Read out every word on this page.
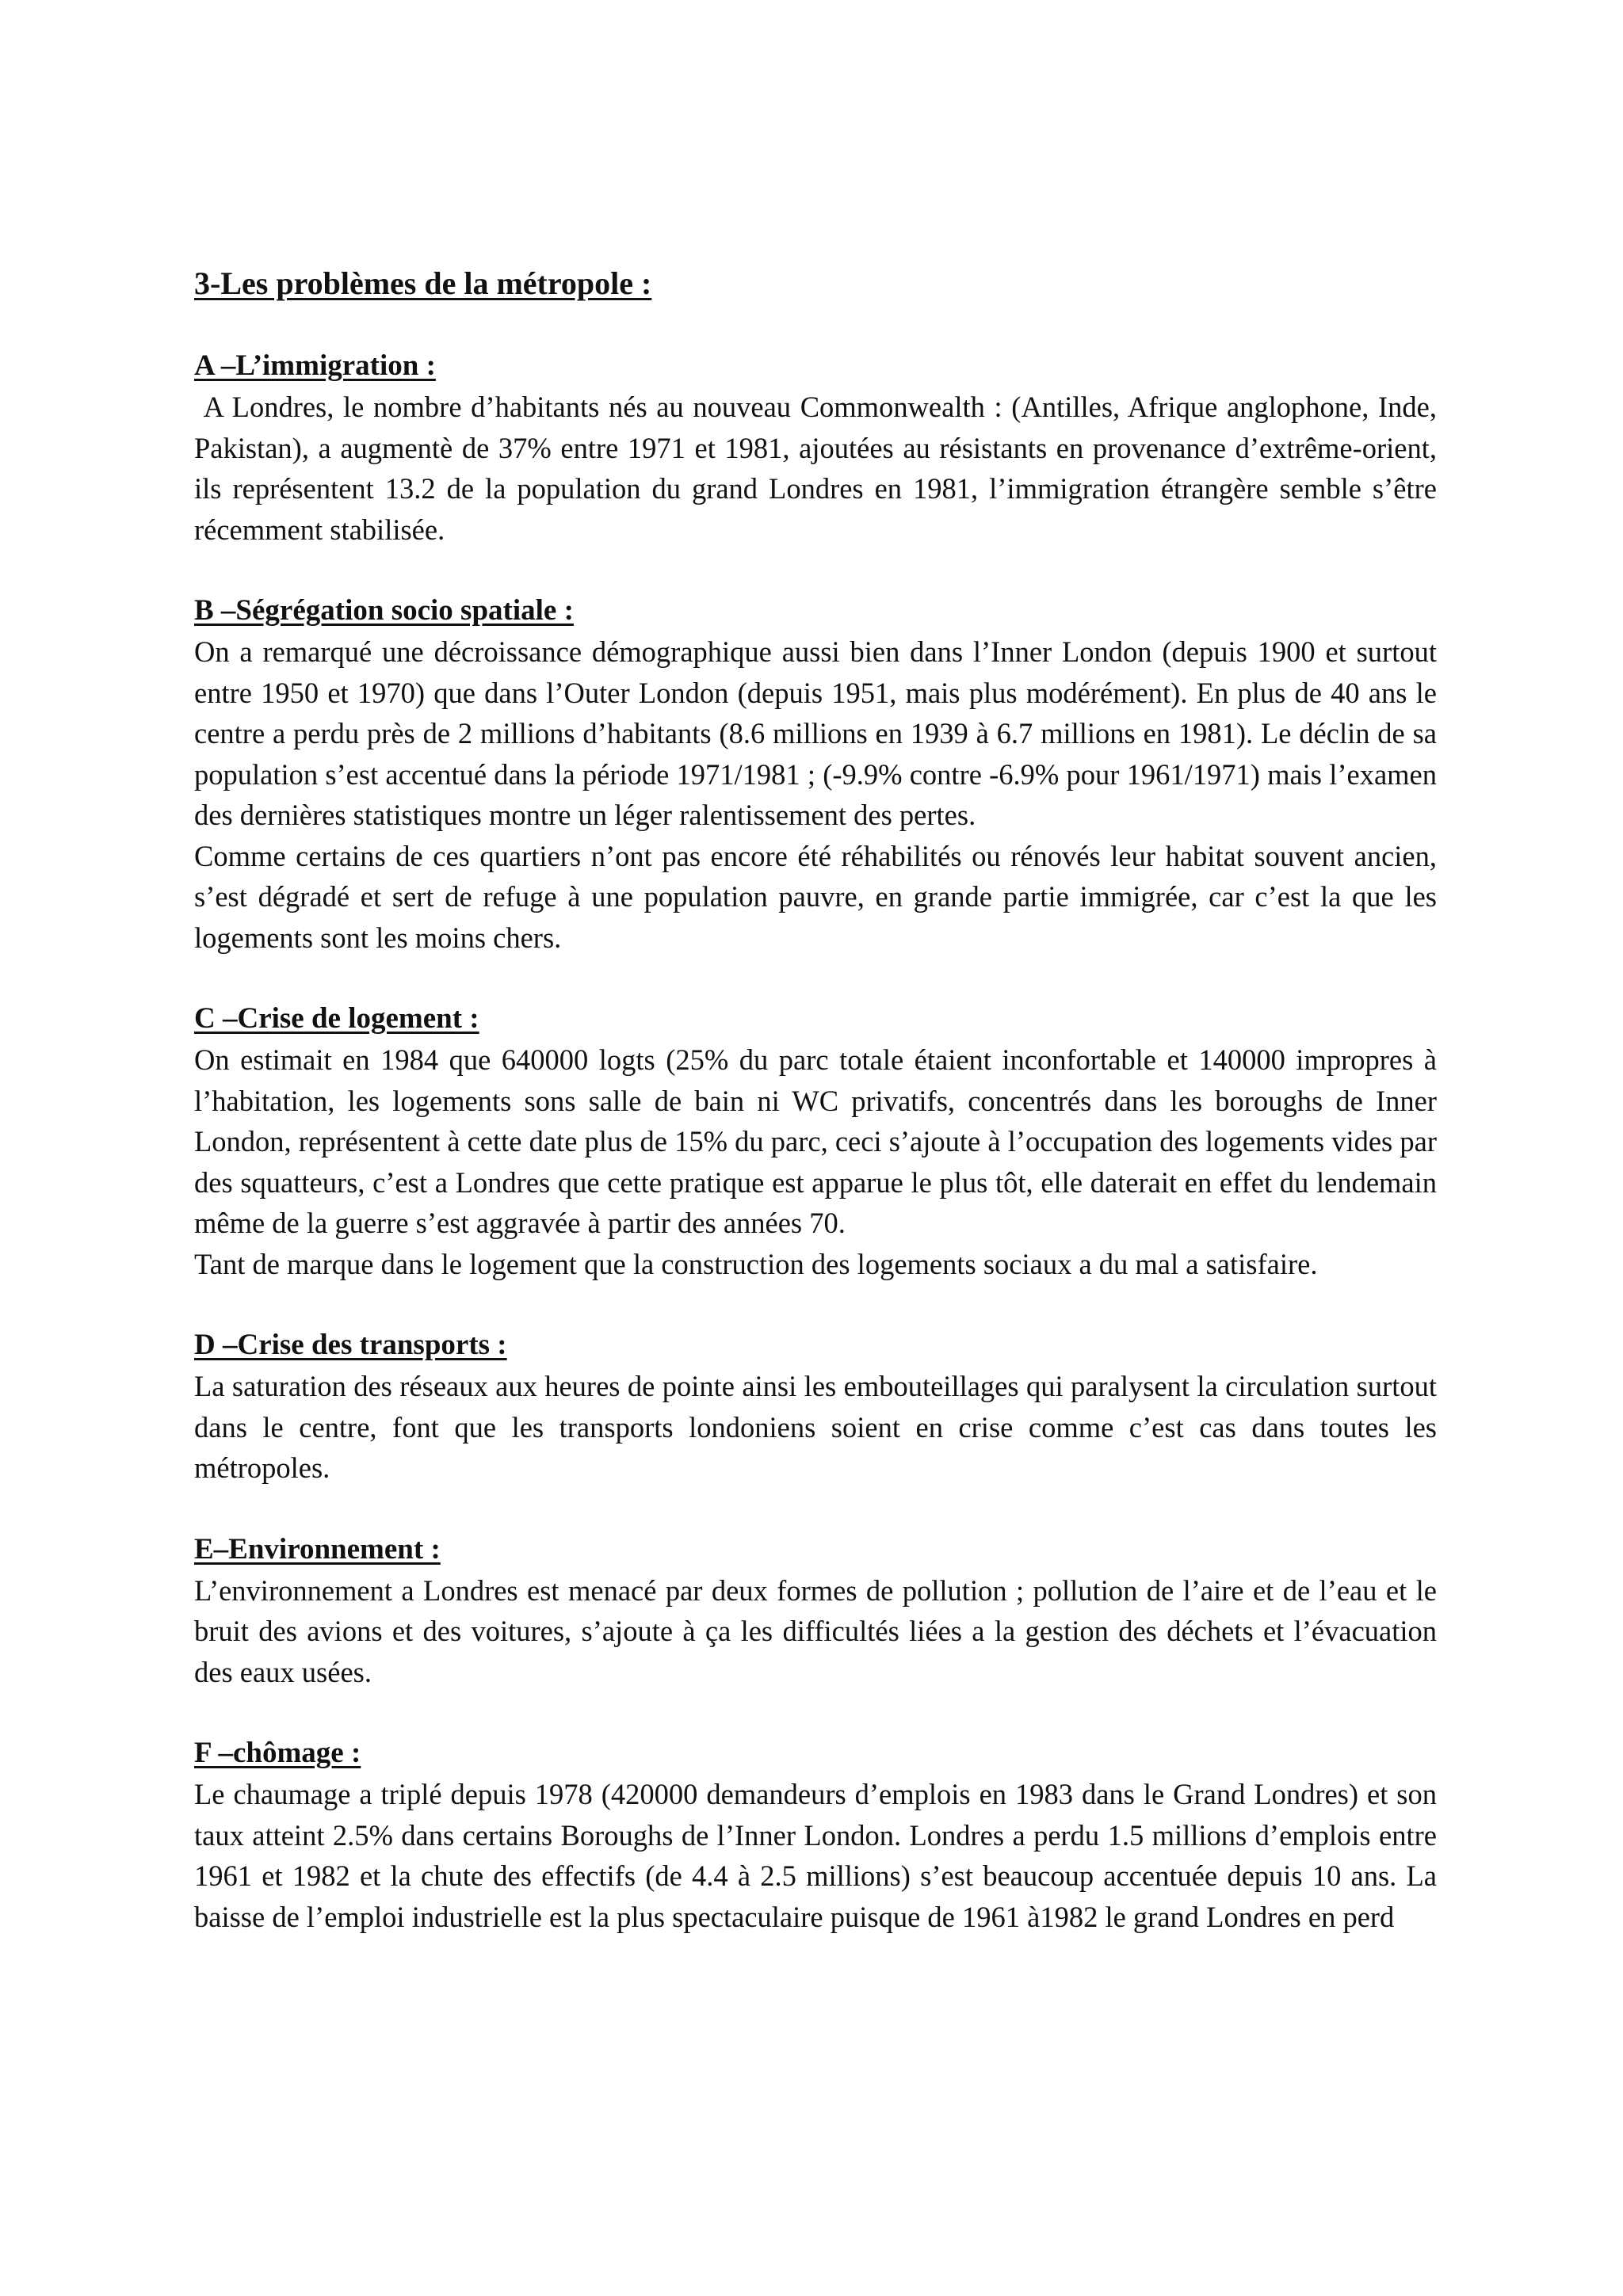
3-Les problèmes de la métropole :
A –L’immigration :

A Londres, le nombre d’habitants nés au nouveau Commonwealth : (Antilles, Afrique anglophone, Inde, Pakistan), a augmentè de 37% entre 1971 et 1981, ajoutées au résistants en provenance d’extrême-orient, ils représentent 13.2 de la population du grand Londres en 1981, l’immigration étrangère semble s’être récemment stabilisée.

B –Ségrégation socio spatiale :

On a remarqué une décroissance démographique aussi bien dans l’Inner London (depuis 1900 et surtout entre 1950 et 1970) que dans l’Outer London (depuis 1951, mais plus modérément). En plus de 40 ans le centre a perdu près de 2 millions d’habitants (8.6 millions en 1939 à 6.7 millions en 1981). Le déclin de sa population s’est accentué dans la période 1971/1981 ; (-9.9% contre -6.9% pour 1961/1971) mais l’examen des dernières statistiques montre un léger ralentissement des pertes.

Comme certains de ces quartiers n’ont pas encore été réhabilités ou rénovés leur habitat souvent ancien, s’est dégradé et sert de refuge à une population pauvre, en grande partie immigrée, car c’est la que les logements sont les moins chers.

C –Crise de logement :

On estimait en 1984 que 640000 logts (25% du parc totale étaient inconfortable et 140000 impropres à l’habitation, les logements sons salle de bain ni WC privatifs, concentrés dans les boroughs de Inner London, représentent à cette date plus de 15% du parc, ceci s’ajoute à l’occupation des logements vides par des squatteurs, c’est a Londres que cette pratique est apparue le plus tôt, elle daterait en effet du lendemain même de la guerre s’est aggravée à partir des années 70.

Tant de marque dans le logement que la construction des logements sociaux a du mal a satisfaire.

D –Crise des transports :

La saturation des réseaux aux heures de pointe ainsi les embouteillages qui paralysent la circulation surtout dans le centre, font que les transports londoniens soient en crise comme c’est cas dans toutes les métropoles.

E–Environnement :

L’environnement a Londres est menacé par deux formes de pollution ; pollution de l’aire et de l’eau et le bruit des avions et des voitures, s’ajoute à ça les difficultés liées a la gestion des déchets et l’évacuation des eaux usées.

F –chômage :

Le chaumage a triplé depuis 1978 (420000 demandeurs d’emplois en 1983 dans le Grand Londres) et son taux atteint 2.5% dans certains Boroughs de l’Inner London. Londres a perdu 1.5 millions d’emplois entre 1961 et 1982 et la chute des effectifs (de 4.4 à 2.5 millions) s’est beaucoup accentuée depuis 10 ans. La baisse de l’emploi industrielle est la plus spectaculaire puisque de 1961 à1982 le grand Londres en perd
